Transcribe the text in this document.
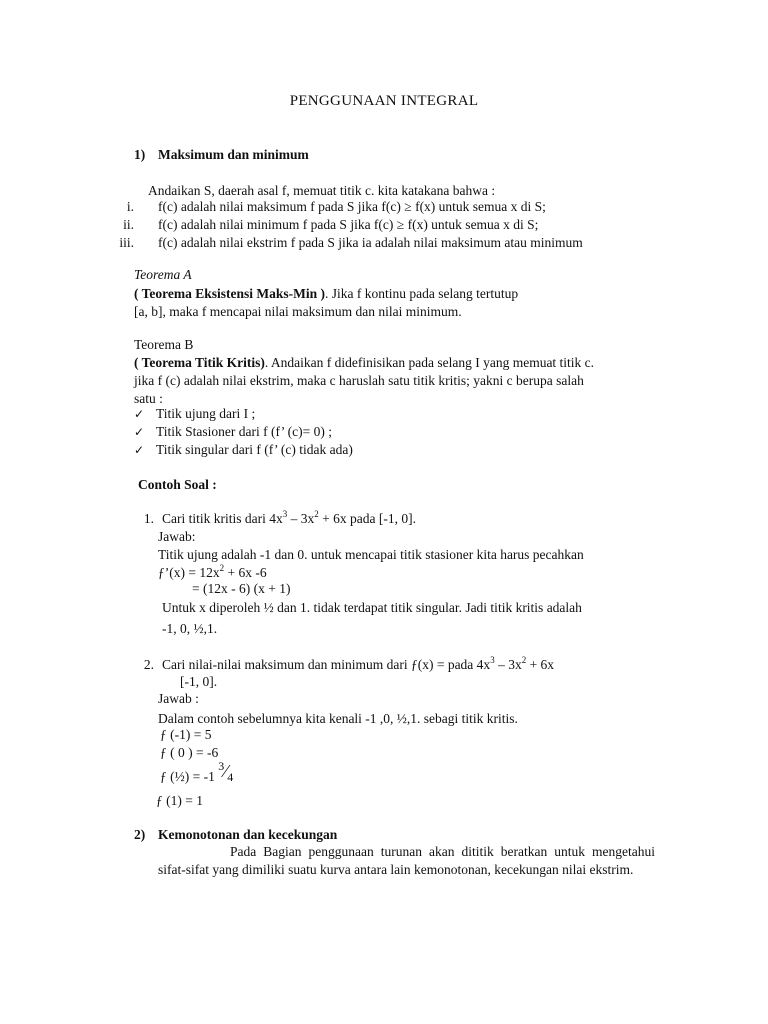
PENGGUNAAN INTEGRAL
1) Maksimum dan minimum
Andaikan S, daerah asal f, memuat titik c. kita katakana bahwa :
i. f(c) adalah nilai maksimum f pada S jika f(c) ≥ f(x) untuk semua x di S;
ii. f(c) adalah nilai minimum f pada S jika f(c) ≥ f(x) untuk semua x di S;
iii. f(c) adalah nilai ekstrim f pada S jika ia adalah nilai maksimum atau minimum
Teorema A
( Teorema Eksistensi Maks-Min ). Jika f kontinu pada selang tertutup
[a, b], maka f mencapai nilai maksimum dan nilai minimum.
Teorema B
( Teorema Titik Kritis). Andaikan f didefinisikan pada selang I yang memuat titik c.
jika f (c) adalah nilai ekstrim, maka c haruslah satu titik kritis; yakni c berupa salah
satu :
✓ Titik ujung dari I ;
✓ Titik Stasioner dari f (f’ (c)= 0) ;
✓ Titik singular dari f (f’ (c) tidak ada)
Contoh Soal :
1. Cari titik kritis dari $4x^3 - 3x^2 + 6x$ pada [-1, 0].
Jawab:
Titik ujung adalah -1 dan 0. untuk mencapai titik stasioner kita harus pecahkan
ƒ’(x) = $12x^2 + 6x$ -6
= (12x - 6) (x + 1)
Untuk x diperoleh ½ dan 1. tidak terdapat titik singular. Jadi titik kritis adalah
-1, 0, ½,1.
2. Cari nilai-nilai maksimum dan minimum dari ƒ(x) = pada $4x^3 - 3x^2 + 6x$
[-1, 0].
Jawab :
Dalam contoh sebelumnya kita kenali -1 ,0, ½,1. sebagi titik kritis.
ƒ (-1) = 5
ƒ ( 0 ) = -6
ƒ (½) = -1 $^3⁄_4$
ƒ (1) = 1
2) Kemonotonan dan kecekungan
Pada Bagian penggunaan turunan akan dititik beratkan untuk mengetahui sifat-sifat yang dimiliki suatu kurva antara lain kemonotonan, kecekungan nilai ekstrim.
